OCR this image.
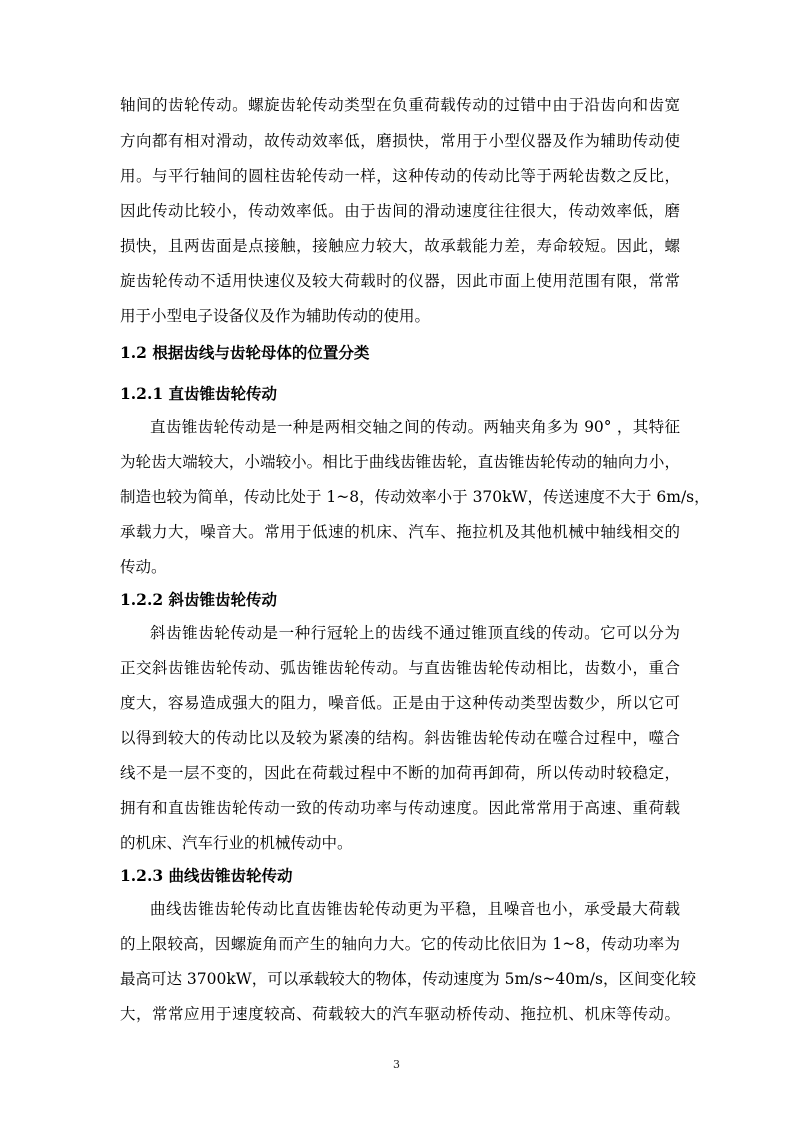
轴间的齿轮传动。螺旋齿轮传动类型在负重荷载传动的过错中由于沿齿向和齿宽
方向都有相对滑动，故传动效率低，磨损快，常用于小型仪器及作为辅助传动使
用。与平行轴间的圆柱齿轮传动一样，这种传动的传动比等于两轮齿数之反比，
因此传动比较小，传动效率低。由于齿间的滑动速度往往很大，传动效率低，磨
损快，且两齿面是点接触，接触应力较大，故承载能力差，寿命较短。因此，螺
旋齿轮传动不适用快速仪及较大荷载时的仪器，因此市面上使用范围有限，常常
用于小型电子设备仪及作为辅助传动的使用。
1.2 根据齿线与齿轮母体的位置分类
1.2.1 直齿锥齿轮传动
直齿锥齿轮传动是一种是两相交轴之间的传动。两轴夹角多为 90° ，其特征
为轮齿大端较大，小端较小。相比于曲线齿锥齿轮，直齿锥齿轮传动的轴向力小，
制造也较为简单，传动比处于 1~8，传动效率小于 370kW，传送速度不大于 6m/s，
承载力大，噪音大。常用于低速的机床、汽车、拖拉机及其他机械中轴线相交的
传动。
1.2.2 斜齿锥齿轮传动
斜齿锥齿轮传动是一种行冠轮上的齿线不通过锥顶直线的传动。它可以分为
正交斜齿锥齿轮传动、弧齿锥齿轮传动。与直齿锥齿轮传动相比，齿数小，重合
度大，容易造成强大的阻力，噪音低。正是由于这种传动类型齿数少，所以它可
以得到较大的传动比以及较为紧凑的结构。斜齿锥齿轮传动在噬合过程中，噬合
线不是一层不变的，因此在荷载过程中不断的加荷再卸荷，所以传动时较稳定，
拥有和直齿锥齿轮传动一致的传动功率与传动速度。因此常常用于高速、重荷载
的机床、汽车行业的机械传动中。
1.2.3 曲线齿锥齿轮传动
曲线齿锥齿轮传动比直齿锥齿轮传动更为平稳，且噪音也小，承受最大荷载
的上限较高，因螺旋角而产生的轴向力大。它的传动比依旧为 1~8，传动功率为
最高可达 3700kW，可以承载较大的物体，传动速度为 5m/s~40m/s，区间变化较
大，常常应用于速度较高、荷载较大的汽车驱动桥传动、拖拉机、机床等传动。
3
